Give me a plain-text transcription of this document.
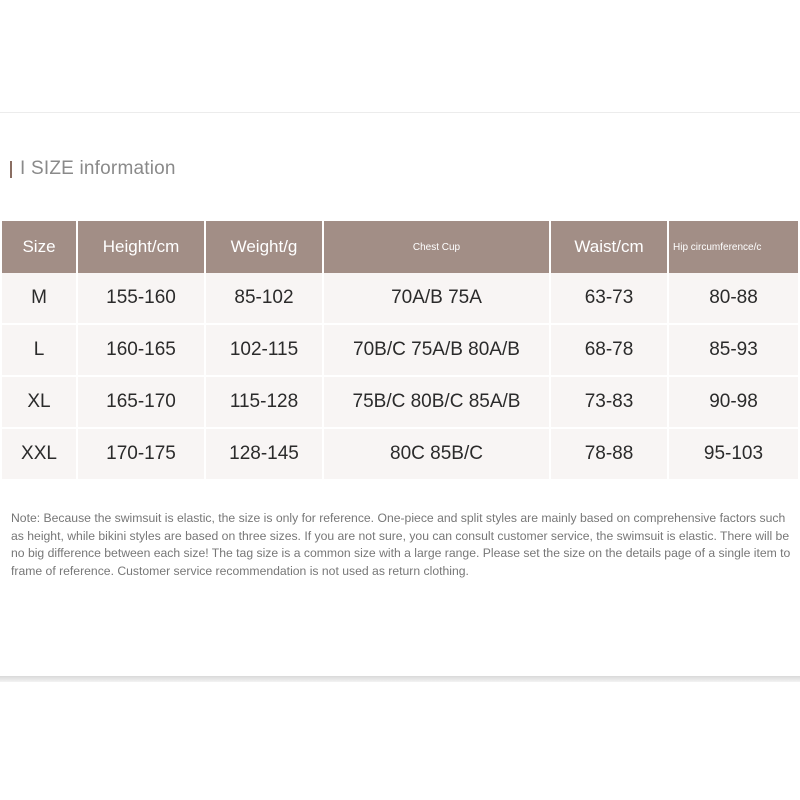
I
SIZE information
Size	Height/cm	Weight/g	Chest Cup	Waist/cm	Hip circumference/c
M	155-160	85-102	70A/B 75A	63-73	80-88
L	160-165	102-115	70B/C 75A/B 80A/B	68-78	85-93
XL	165-170	115-128	75B/C 80B/C 85A/B	73-83	90-98
XXL	170-175	128-145	80C 85B/C	78-88	95-103

Note: Because the swimsuit is elastic, the size is only for reference. One-piece and split styles are mainly based on comprehensive factors such as height, while bikini styles are based on three sizes. If you are not sure, you can consult customer service, the swimsuit is elastic. There will be no big difference between each size! The tag size is a common size with a large range. Please set the size on the details page of a single item to frame of reference. Customer service recommendation is not used as return clothing.
